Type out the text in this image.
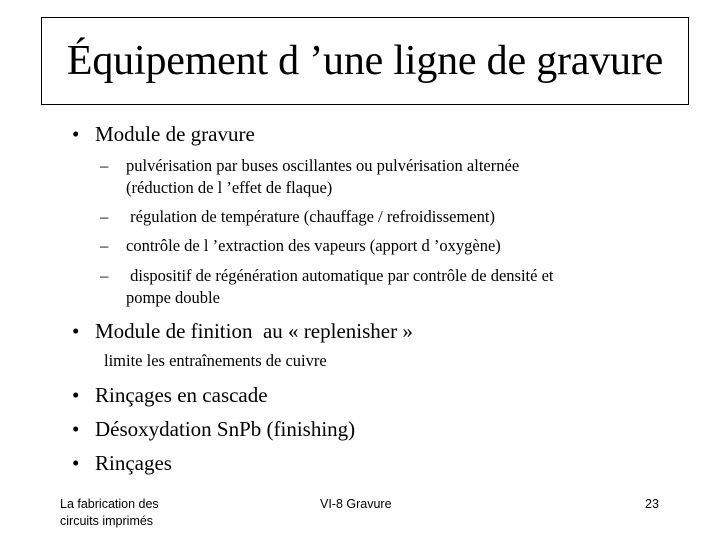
Équipement d ’une ligne de gravure
• Module de gravure
– pulvérisation par buses oscillantes ou pulvérisation alternée
(réduction de l ’effet de flaque)
– régulation de température (chauffage / refroidissement)
– contrôle de l ’extraction des vapeurs (apport d ’oxygène)
– dispositif de régénération automatique par contrôle de densité et
pompe double
• Module de finition  au « replenisher »
limite les entraînements de cuivre
• Rinçages en cascade
• Désoxydation SnPb (finishing)
• Rinçages
La fabrication des
circuits imprimés
VI-8 Gravure	23
